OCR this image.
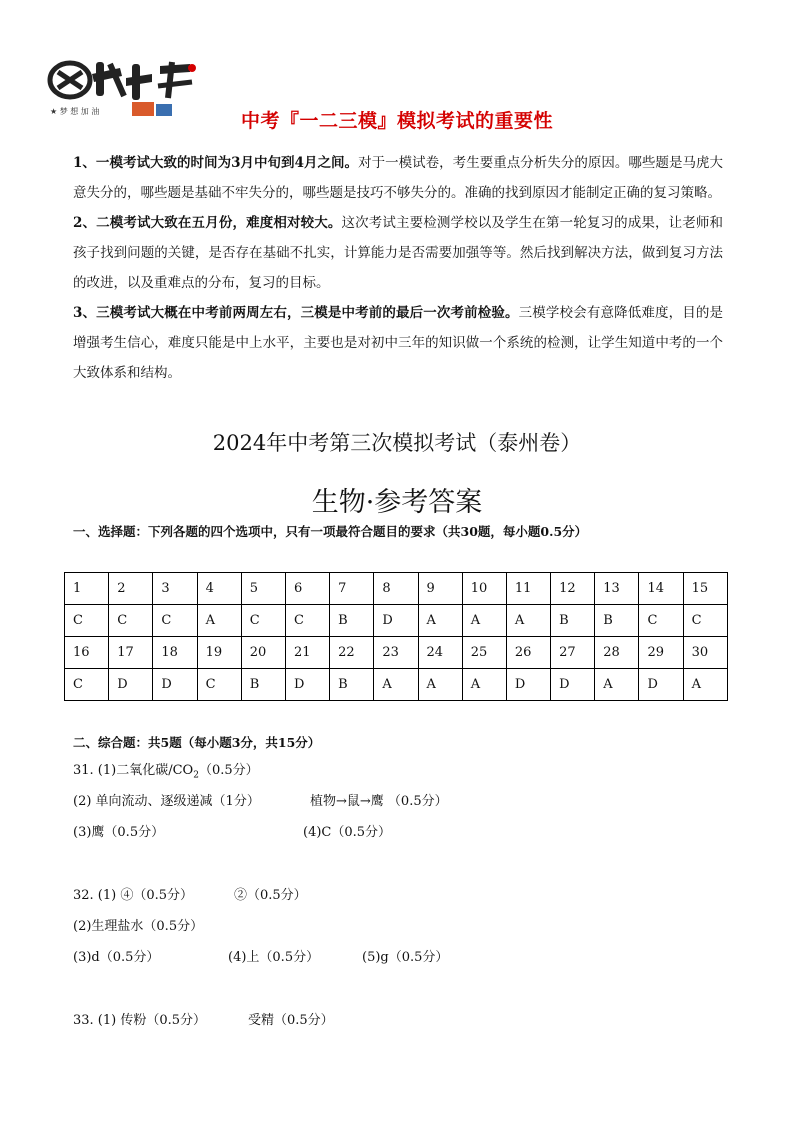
★ 梦 想 加 油	中考『一二三模』模拟考试的重要性

1、一模考试大致的时间为3月中旬到4月之间。对于一模试卷，考生要重点分析失分的原因。哪些题是马虎大意失分的，哪些题是基础不牢失分的，哪些题是技巧不够失分的。准确的找到原因才能制定正确的复习策略。

2、二模考试大致在五月份，难度相对较大。这次考试主要检测学校以及学生在第一轮复习的成果，让老师和孩子找到问题的关键，是否存在基础不扎实，计算能力是否需要加强等等。然后找到解决方法，做到复习方法的改进，以及重难点的分布，复习的目标。

3、三模考试大概在中考前两周左右，三模是中考前的最后一次考前检验。三模学校会有意降低难度，目的是增强考生信心，难度只能是中上水平，主要也是对初中三年的知识做一个系统的检测，让学生知道中考的一个大致体系和结构。

2024年中考第三次模拟考试（泰州卷）
生物·参考答案
一、选择题：下列各题的四个选项中，只有一项最符合题目的要求（共30题，每小题0.5分）
1	2	3	4	5	6	7	8	9	10	11	12	13	14	15
C	C	C	A	C	C	B	D	A	A	A	B	B	C	C
16	17	18	19	20	21	22	23	24	25	26	27	28	29	30
C	D	D	C	B	D	B	A	A	A	D	D	A	D	A
二、综合题：共5题（每小题3分，共15分）
31. (1)二氧化碳$/CO_2(0.5$分）
(2) 单向流动、逐级递减（1分）	植物→鼠→鹰 （0.5分）
(3)鹰（0.5分）	(4)C（0.5分）
32. (1) ④（0.5分）	②（0.5分）
(2)生理盐水（0.5分）
(3)d（0.5分）	(4)上（0.5分）	(5)g（0.5分）
33. (1) 传粉（0.5分）	受精（0.5分）
